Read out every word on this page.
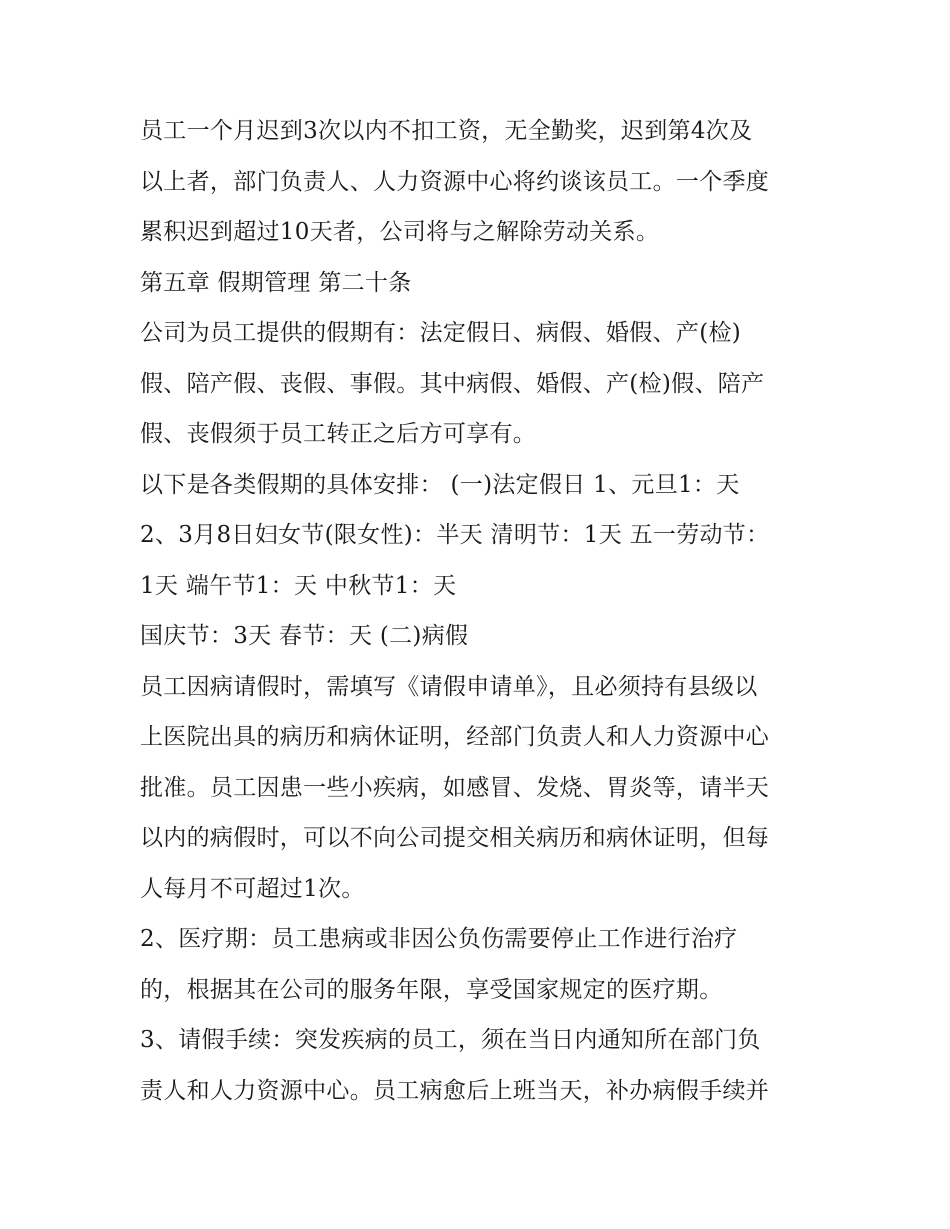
员工一个月迟到3次以内不扣工资，无全勤奖，迟到第4次及
以上者，部门负责人、人力资源中心将约谈该员工。一个季度
累积迟到超过10天者，公司将与之解除劳动关系。
第五章 假期管理 第二十条
公司为员工提供的假期有：法定假日、病假、婚假、产(检)
假、陪产假、丧假、事假。其中病假、婚假、产(检)假、陪产
假、丧假须于员工转正之后方可享有。
以下是各类假期的具体安排： (一)法定假日 1、元旦1：天
2、3月8日妇女节(限女性)：半天 清明节：1天 五一劳动节：
1天 端午节1：天 中秋节1：天
国庆节：3天 春节：天 (二)病假
员工因病请假时，需填写《请假申请单》，且必须持有县级以
上医院出具的病历和病休证明，经部门负责人和人力资源中心
批准。员工因患一些小疾病，如感冒、发烧、胃炎等，请半天
以内的病假时，可以不向公司提交相关病历和病休证明，但每
人每月不可超过1次。
2、医疗期：员工患病或非因公负伤需要停止工作进行治疗
的，根据其在公司的服务年限，享受国家规定的医疗期。
3、请假手续：突发疾病的员工，须在当日内通知所在部门负
责人和人力资源中心。员工病愈后上班当天，补办病假手续并
